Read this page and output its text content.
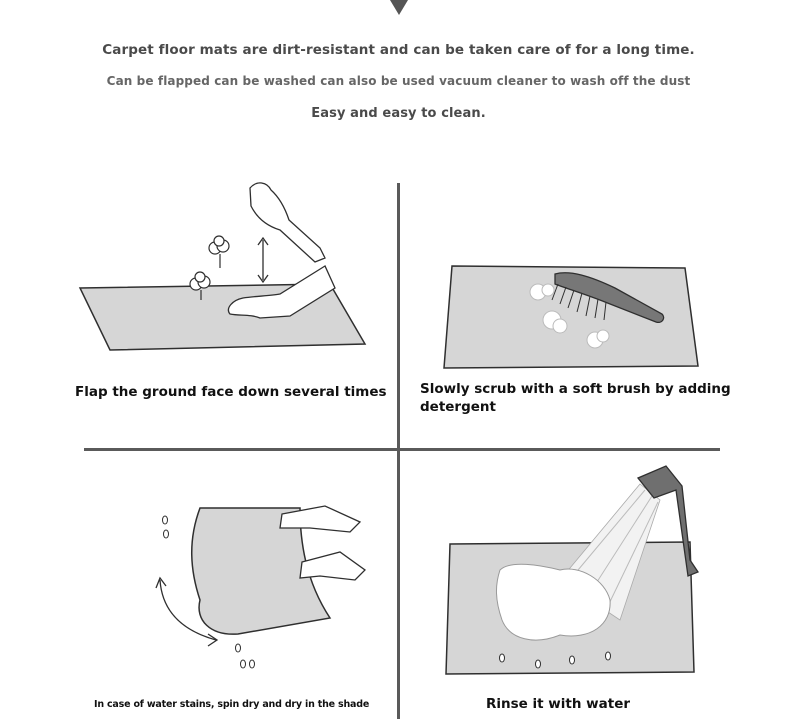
Carpet floor mats are dirt-resistant and can be taken care of for a long time.
Can be flapped can be washed can also be used vacuum cleaner to wash off the dust
Easy and easy to clean.
Flap the ground face down several times Slowly scrub with a soft brush by adding detergent
In case of water stains, spin dry and dry in the shade	Rinse it with water
